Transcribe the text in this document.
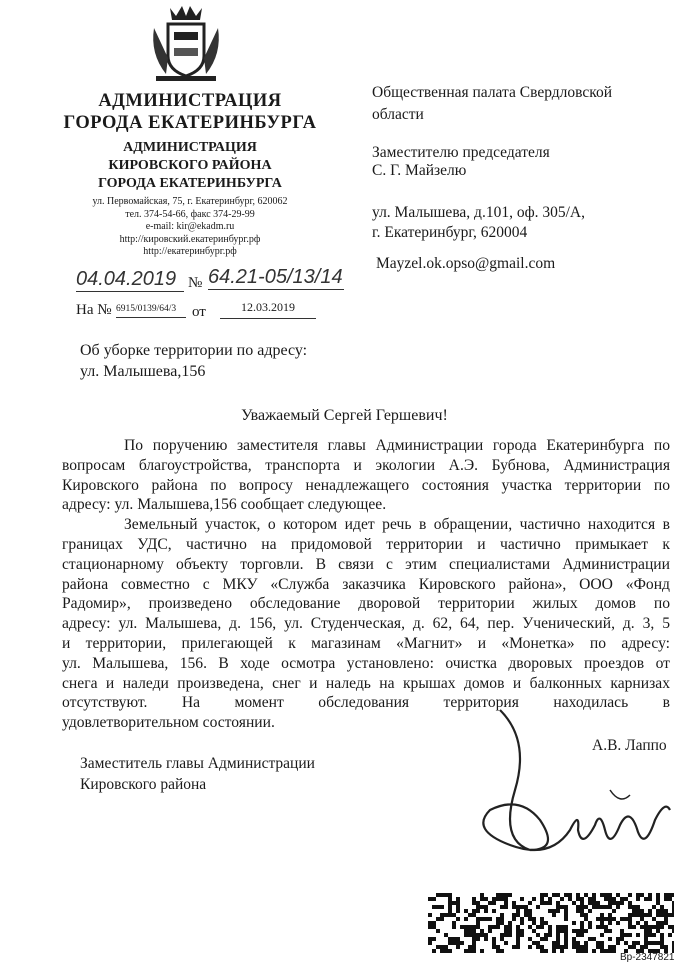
АДМИНИСТРАЦИЯ
ГОРОДА ЕКАТЕРИНБУРГА
АДМИНИСТРАЦИЯ
КИРОВСКОГО РАЙОНА
ГОРОДА ЕКАТЕРИНБУРГА
ул. Первомайская, 75, г. Екатеринбург, 620062
тел. 374-54-66, факс 374-29-99
e-mail: kir@ekadm.ru
http://кировский.екатеринбург.рф
http://екатеринбург.рф
04.04.2019 № 64.21-05/13/14
На № 6915/0139/64/3	от	12.03.2019
Общественная палата Свердловской
области
Заместителю председателя
С. Г. Майзелю
ул. Малышева, д.101, оф. 305/А,
г. Екатеринбург, 620004
Mayzel.ok.opso@gmail.com
Об уборке территории по адресу:
ул. Малышева,156
Уважаемый Сергей Гершевич!
По поручению заместителя главы Администрации города Екатеринбурга по
вопросам благоустройства, транспорта и экологии А.Э. Бубнова, Администрация
Кировского района по вопросу ненадлежащего состояния участка территории по
адресу: ул. Малышева,156 сообщает следующее.
Земельный участок, о котором идет речь в обращении, частично находится в
границах УДС, частично на придомовой территории и частично примыкает к
стационарному объекту торговли. В связи с этим специалистами Администрации
района совместно с МКУ «Служба заказчика Кировского района», ООО «Фонд
Радомир», произведено обследование дворовой территории жилых домов по
адресу: ул. Малышева, д. 156, ул. Студенческая, д. 62, 64, пер. Ученический, д. 3, 5
и территории, прилегающей к магазинам «Магнит» и «Монетка» по адресу:
ул. Малышева, 156. В ходе осмотра установлено: очистка дворовых проездов от
снега и наледи произведена, снег и наледь на крышах домов и балконных карнизах
отсутствуют. На момент обследования территория находилась в
удовлетворительном состоянии.
Заместитель главы Администрации
Кировского района
А.В. Лаппо
Вр-2347821
